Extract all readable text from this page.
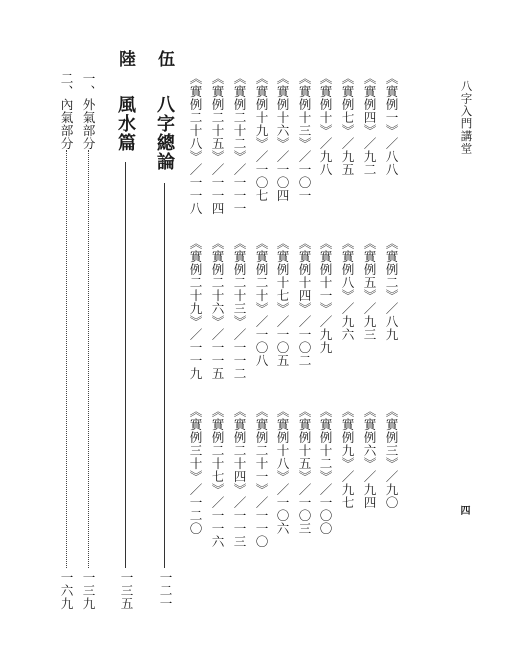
八字入門講堂
四
《實例一》／八八
《實例二》／八九
《實例三》／九〇
《實例四》／九二
《實例五》／九三
《實例六》／九四
《實例七》／九五
《實例八》／九六
《實例九》／九七
《實例十》／九八
《實例十一》／九九
《實例十二》／一〇〇
《實例十三》／一〇一
《實例十四》／一〇二
《實例十五》／一〇三
《實例十六》／一〇四
《實例十七》／一〇五
《實例十八》／一〇六
《實例十九》／一〇七
《實例二十》／一〇八
《實例二十一》／一一〇
《實例二十二》／一一一
《實例二十三》／一一二
《實例二十四》／一一三
《實例二十五》／一一四
《實例二十六》／一一五
《實例二十七》／一一六
《實例二十八》／一一八
《實例二十九》／一一九
《實例三十》／一二〇
伍
八字總論
一二一
陸
風水篇
一三五
一、外氣部分
一三九
二、內氣部分
一六九
